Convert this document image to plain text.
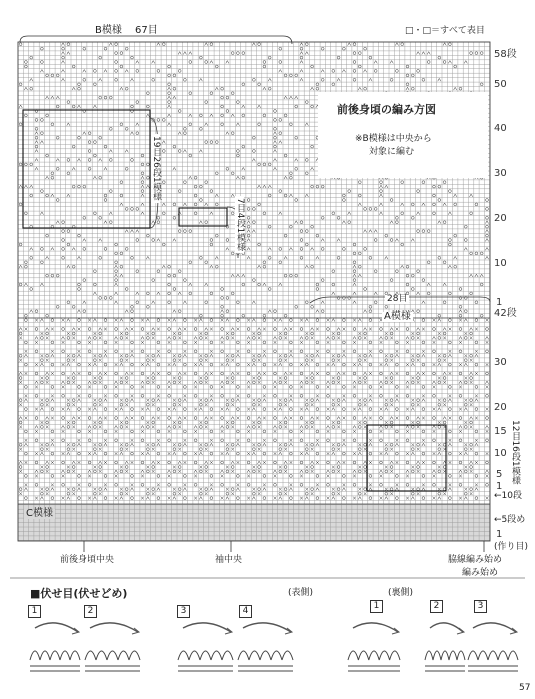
B模様 67目	□・□＝すべて表目
前後身頃の編み方図
※B模様は中央から
対象に編む
19目26段1模様
7目4段1模様
A模様
28目
C模様
12目16段1模様
58段
50
40
30
20
10
1
42段
30
20
15
10
5
1
←10段
←5段め
1
(作り目)
前後身頃中央	袖中央	脇線編み始め
編み始め
57
■伏せ目(伏せどめ)	(表側)	(裏側)
1	2	3	4	1	2	3
